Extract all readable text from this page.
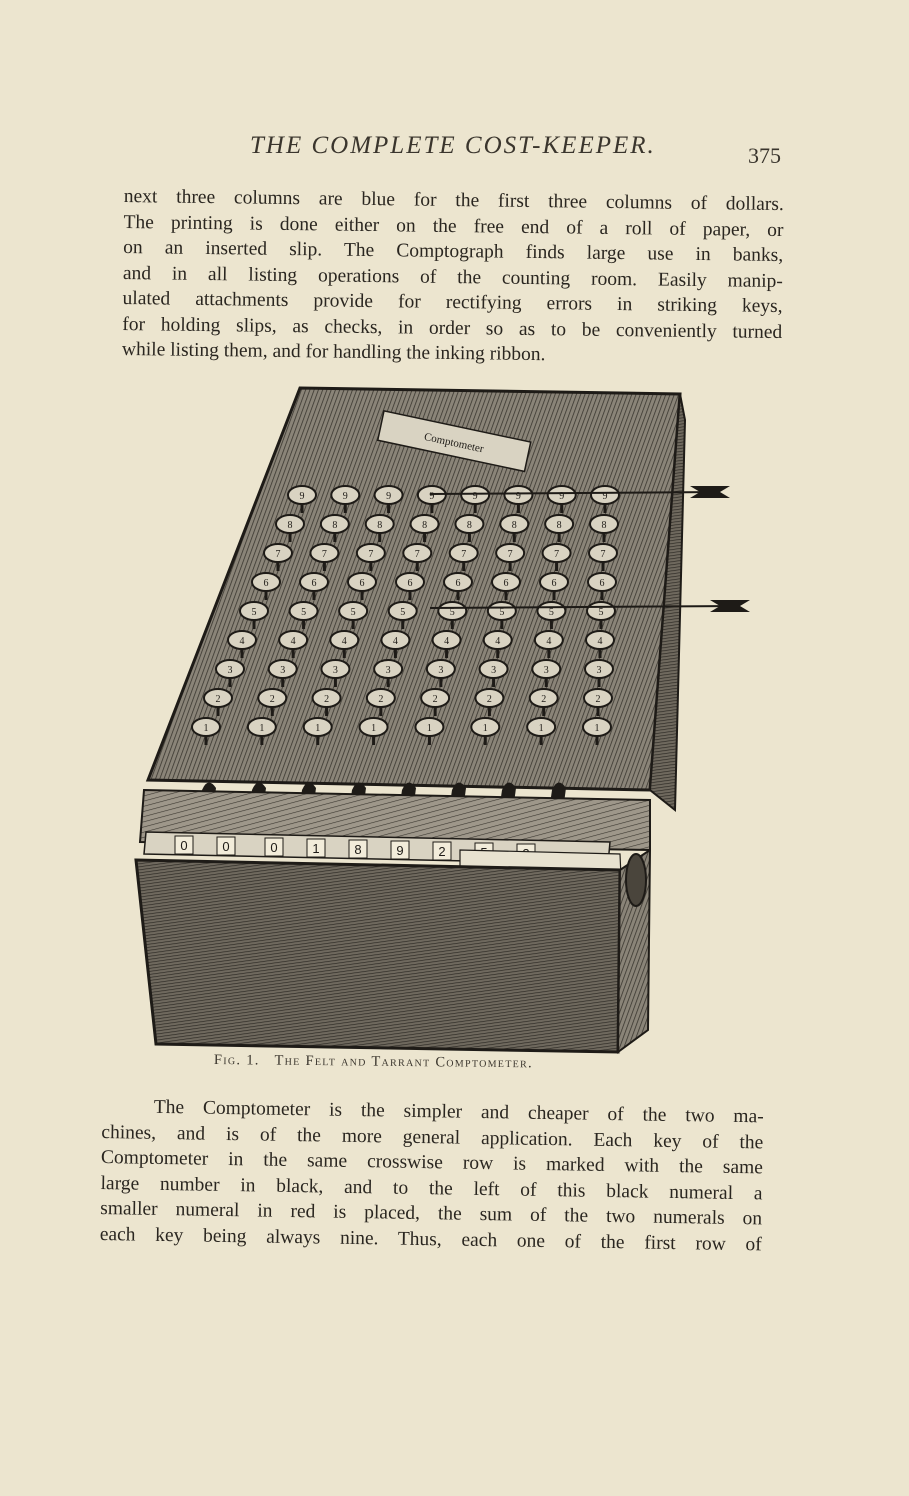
THE COMPLETE COST-KEEPER.	375
next three columns are blue for the first three columns of dollars.
The printing is done either on the free end of a roll of paper, or
on an inserted slip. The Comptograph finds large use in banks,
and in all listing operations of the counting room. Easily manip-
ulated attachments provide for rectifying errors in striking keys,
for holding slips, as checks, in order so as to be conveniently turned
while listing them, and for handling the inking ribbon.
Comptometer
9	9	9	9	9	9	9	9
8	8	8	8	8	8	8	8
7	7	7	7	7	7	7	7
6	6	6	6	6	6	6	6
5	5	5	5	5	5	5	5
4	4	4	4	4	4	4	4
3	3	3	3	3	3	3	3
2	2	2	2	2	2	2	2
1	1	1	1	1	1	1	1
0	0	0	1	8	9	2
Fig. 1. The Felt and Tarrant Comptometer.
The Comptometer is the simpler and cheaper of the two ma-
chines, and is of the more general application. Each key of the
Comptometer in the same crosswise row is marked with the same
large number in black, and to the left of this black numeral a
smaller numeral in red is placed, the sum of the two numerals on
each key being always nine. Thus, each one of the first row of
